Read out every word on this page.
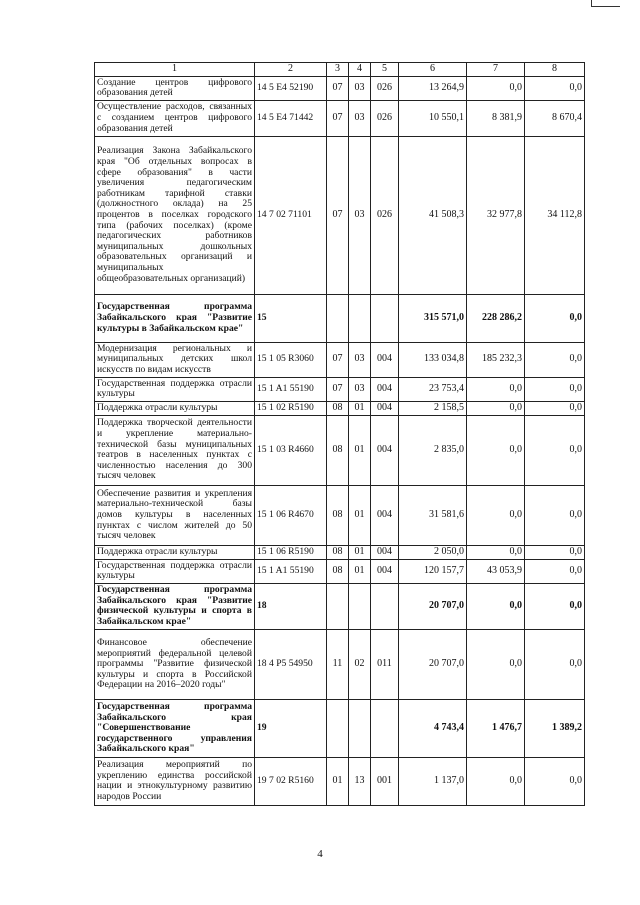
1	2	3	4	5	6	7	8
Создание центров цифрового образования детей	14 5 E4 52190	07	03	026	13 264,9	0,0	0,0
Осуществление расходов, связанных с созданием центров цифрового образования детей	14 5 E4 71442	07	03	026	10 550,1	8 381,9	8 670,4
Реализация Закона Забайкальского края "Об отдельных вопросах в сфере образования" в части увеличения педагогическим работникам тарифной ставки (должностного оклада) на 25 процентов в поселках городского типа (рабочих поселках) (кроме педагогических работников муниципальных дошкольных образовательных организаций и муниципальных общеобразовательных организаций)	14 7 02 71101	07	03	026	41 508,3	32 977,8	34 112,8
Государственная программа Забайкальского края "Развитие культуры в Забайкальском крае"	15				315 571,0	228 286,2	0,0
Модернизация региональных и муниципальных детских школ искусств по видам искусств	15 1 05 R3060	07	03	004	133 034,8	185 232,3	0,0
Государственная поддержка отрасли культуры	15 1 A1 55190	07	03	004	23 753,4	0,0	0,0
Поддержка отрасли культуры	15 1 02 R5190	08	01	004	2 158,5	0,0	0,0
Поддержка творческой деятельности и укрепление материально-технической базы муниципальных театров в населенных пунктах с численностью населения до 300 тысяч человек	15 1 03 R4660	08	01	004	2 835,0	0,0	0,0
Обеспечение развития и укрепления материально-технической базы домов культуры в населенных пунктах с числом жителей до 50 тысяч человек	15 1 06 R4670	08	01	004	31 581,6	0,0	0,0
Поддержка отрасли культуры	15 1 06 R5190	08	01	004	2 050,0	0,0	0,0
Государственная поддержка отрасли культуры	15 1 A1 55190	08	01	004	120 157,7	43 053,9	0,0
Государственная программа Забайкальского края "Развитие физической культуры и спорта в Забайкальском крае"	18				20 707,0	0,0	0,0
Финансовое обеспечение мероприятий федеральной целевой программы "Развитие физической культуры и спорта в Российской Федерации на 2016–2020 годы"	18 4 P5 54950	11	02	011	20 707,0	0,0	0,0
Государственная программа Забайкальского края "Совершенствование государственного управления Забайкальского края"	19				4 743,4	1 476,7	1 389,2
Реализация мероприятий по укреплению единства российской нации и этнокультурному развитию народов России	19 7 02 R5160	01	13	001	1 137,0	0,0	0,0
4
